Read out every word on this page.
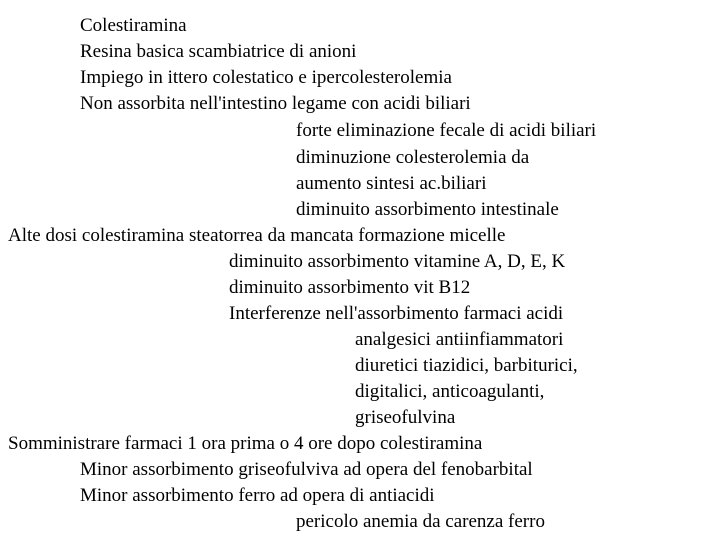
Colestiramina
Resina basica scambiatrice di anioni
Impiego in ittero colestatico e ipercolesterolemia
Non assorbita nell'intestino legame con acidi biliari
forte eliminazione fecale di acidi biliari
diminuzione colesterolemia da
aumento sintesi ac.biliari
diminuito assorbimento intestinale
Alte dosi colestiramina steatorrea da mancata formazione micelle
diminuito assorbimento vitamine A, D, E, K
diminuito assorbimento vit B12
Interferenze nell'assorbimento farmaci acidi
analgesici antiinfiammatori
diuretici tiazidici, barbiturici,
digitalici, anticoagulanti,
griseofulvina
Somministrare farmaci 1 ora prima o 4 ore dopo colestiramina
Minor assorbimento griseofulviva ad opera del fenobarbital
Minor assorbimento ferro ad opera di antiacidi
pericolo anemia da carenza ferro
